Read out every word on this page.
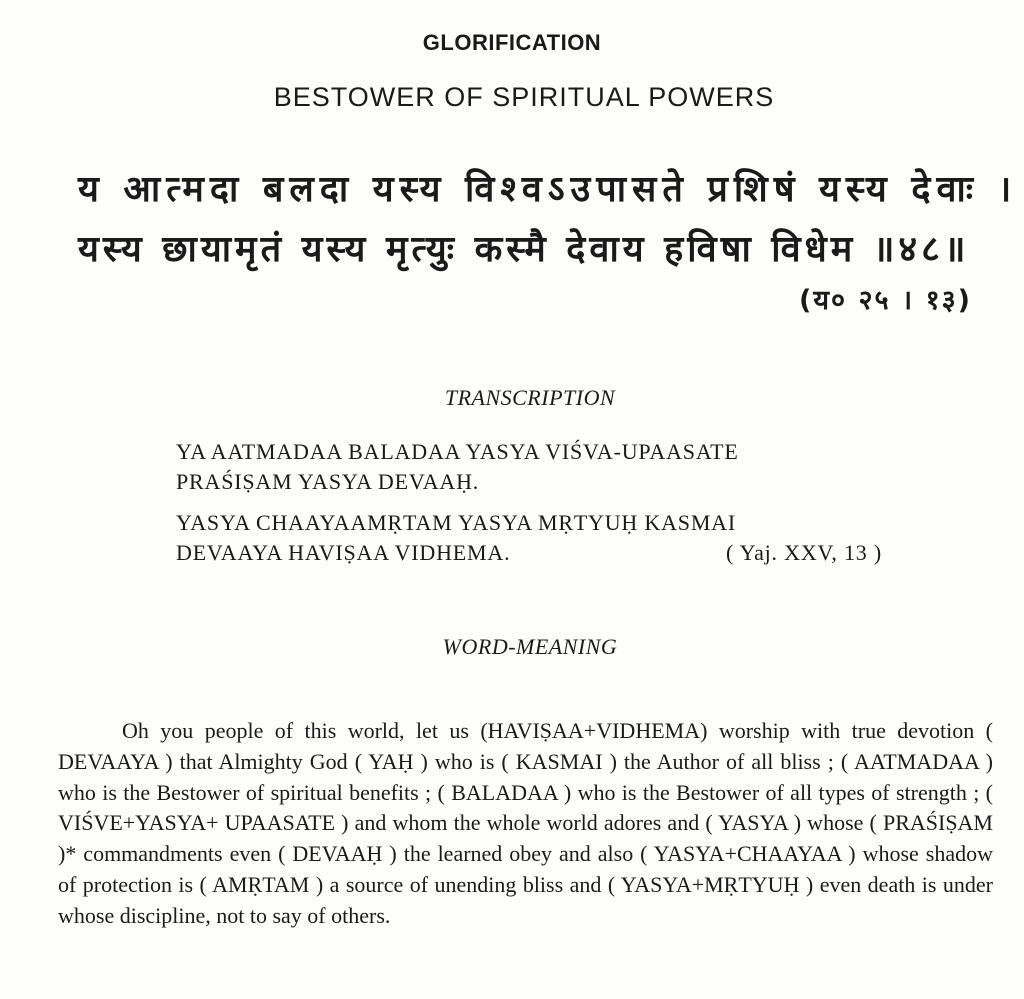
GLORIFICATION
BESTOWER OF SPIRITUAL POWERS
य आत्मदा बलदा यस्य विश्वऽउपासते प्रशिषं यस्य देवाः ।
यस्य छायामृतं यस्य मृत्युः कस्मै देवाय हविषा विधेम ॥४८॥
(य० २५ । १३)
TRANSCRIPTION
YA AATMADAA BALADAA YASYA VIŚVA-UPAASATE
PRAŚIṢAM YASYA DEVAAḤ.
YASYA CHAAYAAMṚTAM YASYA MṚTYUḤ KASMAI
DEVAAYA HAVIṢAA VIDHEMA.	( Yaj. XXV, 13 )
WORD-MEANING

Oh you people of this world, let us (HAVIṢAA+VIDHEMA) worship with true devotion ( DEVAAYA ) that Almighty God ( YAḤ ) who is ( KASMAI ) the Author of all bliss ; ( AATMADAA ) who is the Bestower of spiritual benefits ; ( BALADAA ) who is the Bestower of all types of strength ; ( VIŚVE+YASYA+ UPAASATE ) and whom the whole world adores and ( YASYA ) whose ( PRAŚIṢAM )* commandments even ( DEVAAḤ ) the learned obey and also ( YASYA+CHAAYAA ) whose shadow of protection is ( AMṚTAM ) a source of unending bliss and ( YASYA+MṚTYUḤ ) even death is under whose discipline, not to say of others.
